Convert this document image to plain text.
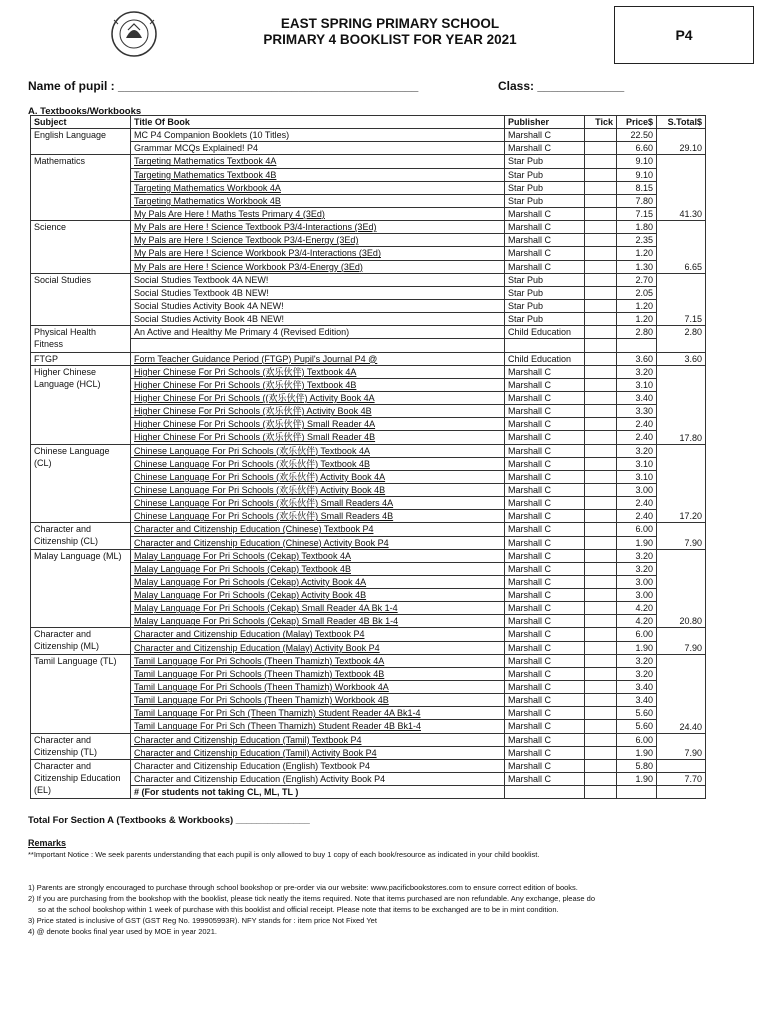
EAST SPRING PRIMARY SCHOOL
PRIMARY 4 BOOKLIST FOR YEAR 2021	P4
Name of pupil : _____________________________________________	Class: _____________
A. Textbooks/Workbooks
Subject	Title Of Book	Publisher	Tick	Price$	S.Total$
English Language	MC P4 Companion Booklets (10 Titles)	Marshall C		22.50	29.10
	Grammar MCQs Explained! P4	Marshall C		6.60	
Mathematics	Targeting Mathematics Textbook 4A	Star Pub		9.10	41.30
	Targeting Mathematics Textbook 4B	Star Pub		9.10	
	Targeting Mathematics Workbook 4A	Star Pub		8.15	
	Targeting Mathematics Workbook 4B	Star Pub		7.80	
	My Pals Are Here ! Maths Tests Primary 4 (3Ed)	Marshall C		7.15	
Science	My Pals are Here ! Science Textbook P3/4-Interactions (3Ed)	Marshall C		1.80	6.65
	My Pals are Here ! Science Textbook P3/4-Energy (3Ed)	Marshall C		2.35	
	My Pals are Here ! Science Workbook P3/4-Interactions (3Ed)	Marshall C		1.20	
	My Pals are Here ! Science Workbook P3/4-Energy (3Ed)	Marshall C		1.30	
Social Studies	Social Studies Textbook 4A NEW!	Star Pub		2.70	7.15
	Social Studies Textbook 4B NEW!	Star Pub		2.05	
	Social Studies Activity Book 4A NEW!	Star Pub		1.20	
	Social Studies Activity Book 4B NEW!	Star Pub		1.20	
Physical Health Fitness	An Active and Healthy Me Primary 4 (Revised Edition)	Child Education		2.80	2.80

FTGP	Form Teacher Guidance Period (FTGP) Pupil's Journal P4 @	Child Education		3.60	3.60
Higher Chinese Language (HCL)	Higher Chinese For Pri Schools (欢乐伙伴) Textbook 4A	Marshall C		3.20	17.80
	Higher Chinese For Pri Schools (欢乐伙伴) Textbook 4B	Marshall C		3.10	
	Higher Chinese For Pri Schools ((欢乐伙伴) Activity Book 4A	Marshall C		3.40	
	Higher Chinese For Pri Schools (欢乐伙伴) Activity Book 4B	Marshall C		3.30	
	Higher Chinese For Pri Schools (欢乐伙伴) Small Reader 4A	Marshall C		2.40	
	Higher Chinese For Pri Schools (欢乐伙伴) Small Reader 4B	Marshall C		2.40	
Chinese Language (CL)	Chinese Language For Pri Schools (欢乐伙伴) Textbook 4A	Marshall C		3.20	17.20
	Chinese Language For Pri Schools (欢乐伙伴) Textbook 4B	Marshall C		3.10	
	Chinese Language For Pri Schools (欢乐伙伴) Activity Book 4A	Marshall C		3.10	
	Chinese Language For Pri Schools (欢乐伙伴) Activity Book 4B	Marshall C		3.00	
	Chinese Language For Pri Schools (欢乐伙伴) Small Readers 4A	Marshall C		2.40	
	Chinese Language For Pri Schools (欢乐伙伴) Small Readers 4B	Marshall C		2.40	
Character and Citizenship (CL)	Character and Citizenship Education (Chinese) Textbook P4	Marshall C		6.00	7.90
	Character and Citizenship Education (Chinese) Activity Book P4	Marshall C		1.90	
Malay Language (ML)	Malay Language For Pri Schools (Cekap) Textbook 4A	Marshall C		3.20	20.80
	Malay Language For Pri Schools (Cekap) Textbook 4B	Marshall C		3.20	
	Malay Language For Pri Schools (Cekap) Activity Book 4A	Marshall C		3.00	
	Malay Language For Pri Schools (Cekap) Activity Book 4B	Marshall C		3.00	
	Malay Language For Pri Schools (Cekap) Small Reader 4A Bk 1-4	Marshall C		4.20	
	Malay Language For Pri Schools (Cekap) Small Reader 4B Bk 1-4	Marshall C		4.20	
Character and Citizenship (ML)	Character and Citizenship Education (Malay) Textbook P4	Marshall C		6.00	7.90
	Character and Citizenship Education (Malay) Activity Book P4	Marshall C		1.90	
Tamil Language (TL)	Tamil Language For Pri Schools (Theen Thamizh) Textbook 4A	Marshall C		3.20	24.40
	Tamil Language For Pri Schools (Theen Thamizh) Textbook 4B	Marshall C		3.20	
	Tamil Language For Pri Schools (Theen Thamizh) Workbook 4A	Marshall C		3.40	
	Tamil Language For Pri Schools (Theen Thamizh) Workbook 4B	Marshall C		3.40	
	Tamil Language For Pri Sch (Theen Thamizh) Student Reader 4A Bk1-4	Marshall C		5.60	
	Tamil Language For Pri Sch (Theen Thamizh) Student Reader 4B Bk1-4	Marshall C		5.60	
Character and Citizenship (TL)	Character and Citizenship Education (Tamil) Textbook P4	Marshall C		6.00	7.90
	Character and Citizenship Education (Tamil) Activity Book P4	Marshall C		1.90	
Character and Citizenship Education (EL)	Character and Citizenship Education (English) Textbook P4	Marshall C		5.80	
	Character and Citizenship Education (English) Activity Book P4	Marshall C		1.90	7.70
	# (For students not taking CL, ML, TL )				
Total For Section A (Textbooks & Workbooks) ______________
Remarks
**Important Notice : We seek parents understanding that each pupil is only allowed to buy 1 copy of each book/resource as indicated in your child booklist.

1) Parents are strongly encouraged to purchase through school bookshop or pre-order via our website: www.pacificbookstores.com to ensure correct edition of books.

2) If you are purchasing from the bookshop with the booklist, please tick neatly the items required. Note that items purchased are non refundable. Any exchange, please do

so at the school bookshop within 1 week of purchase with this booklist and official receipt. Please note that items to be exchanged are to be in mint condition.

3) Price stated is inclusive of GST (GST Reg No. 199905993R). NFY stands for : item price Not Fixed Yet

4) @ denote books final year used by MOE in year 2021.
